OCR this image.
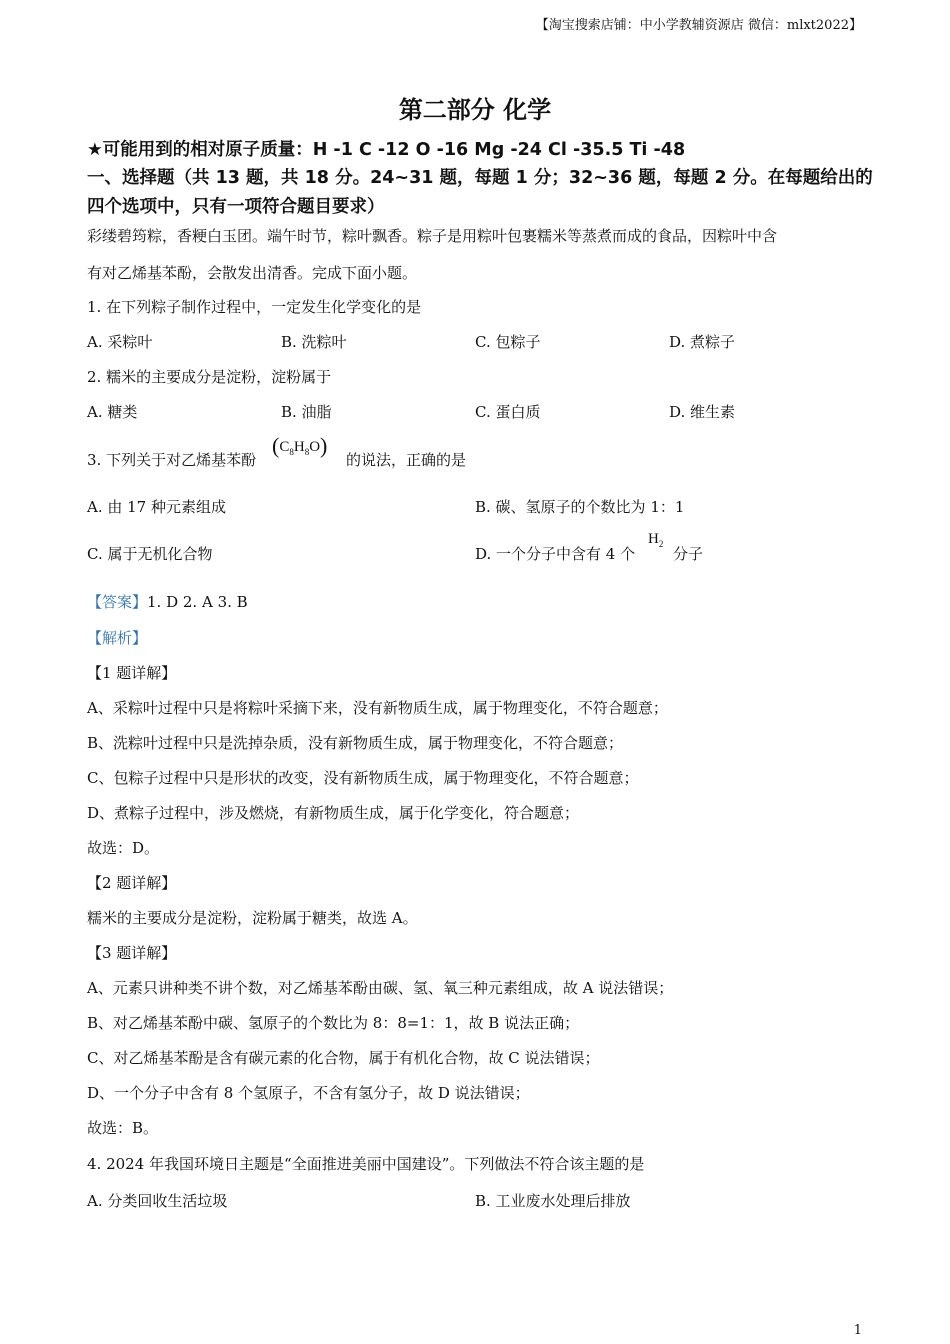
【淘宝搜索店铺：中小学教辅资源店 微信：mlxt2022】
第二部分 化学
★可能用到的相对原子质量：H -1 C -12 O -16 Mg -24 Cl -35.5 Ti -48
一、选择题（共 13 题，共 18 分。24~31 题，每题 1 分；32~36 题，每题 2 分。在每题给出的
四个选项中，只有一项符合题目要求）
彩缕碧筠粽，香粳白玉团。端午时节，粽叶飘香。粽子是用粽叶包裹糯米等蒸煮而成的食品，因粽叶中含
有对乙烯基苯酚，会散发出清香。完成下面小题。
1. 在下列粽子制作过程中，一定发生化学变化的是
A. 采粽叶	B. 洗粽叶	C. 包粽子	D. 煮粽子
2. 糯米的主要成分是淀粉，淀粉属于
A. 糖类	B. 油脂	C. 蛋白质	D. 维生素
3. 下列关于对乙烯基苯酚
$(C_8H_8O)$
的说法，正确的是
A. 由 17 种元素组成	B. 碳、氢原子的个数比为 1：1
C. 属于无机化合物	D. 一个分子中含有 4 个
$H_2$
分子
【答案】1. D 2. A 3. B
【解析】
【1 题详解】
A、采粽叶过程中只是将粽叶采摘下来，没有新物质生成，属于物理变化，不符合题意；
B、洗粽叶过程中只是洗掉杂质，没有新物质生成，属于物理变化，不符合题意；
C、包粽子过程中只是形状的改变，没有新物质生成，属于物理变化，不符合题意；
D、煮粽子过程中，涉及燃烧，有新物质生成，属于化学变化，符合题意；
故选：D。
【2 题详解】
糯米的主要成分是淀粉，淀粉属于糖类，故选 A。
【3 题详解】
A、元素只讲种类不讲个数，对乙烯基苯酚由碳、氢、氧三种元素组成，故 A 说法错误；
B、对乙烯基苯酚中碳、氢原子的个数比为 8：8=1：1，故 B 说法正确；
C、对乙烯基苯酚是含有碳元素的化合物，属于有机化合物，故 C 说法错误；
D、一个分子中含有 8 个氢原子，不含有氢分子，故 D 说法错误；
故选：B。
4. 2024 年我国环境日主题是“全面推进美丽中国建设”。下列做法不符合该主题的是
A. 分类回收生活垃圾	B. 工业废水处理后排放
1
